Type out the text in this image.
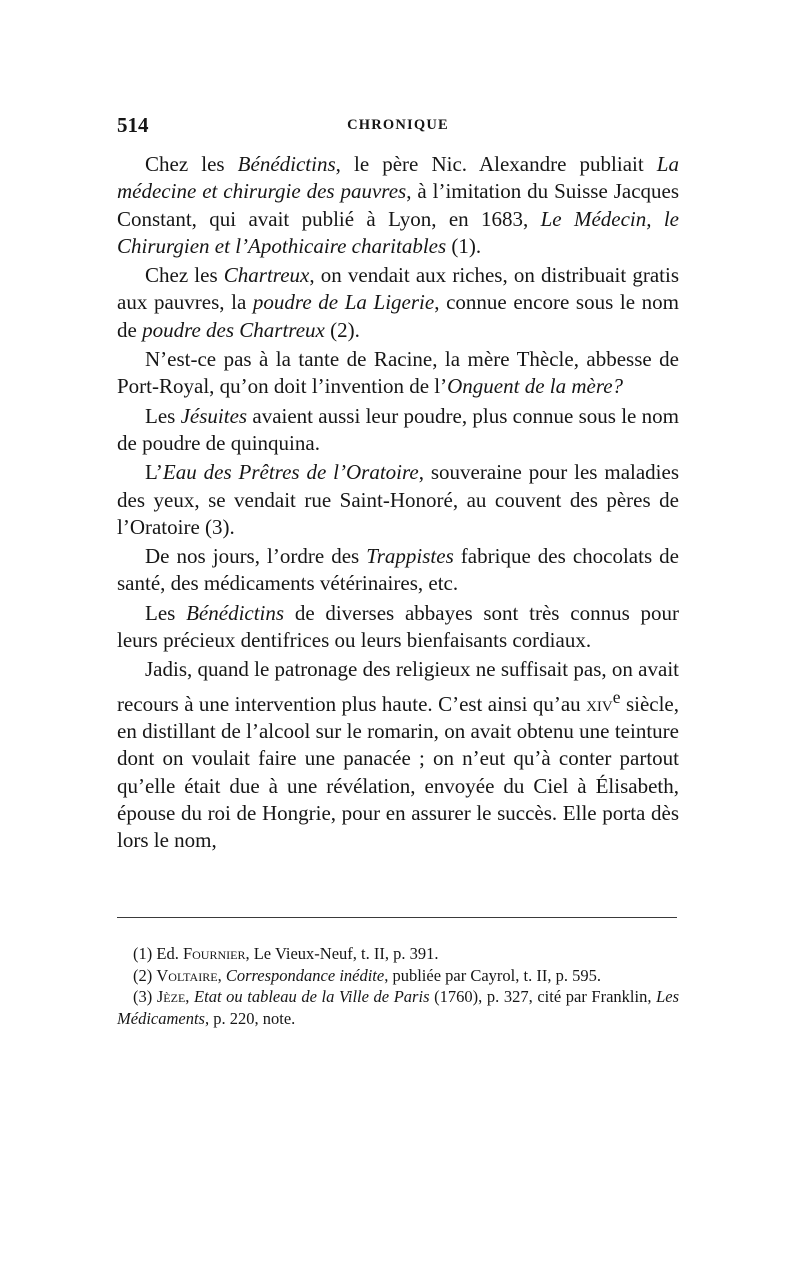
514	CHRONIQUE

Chez les Bénédictins, le père Nic. Alexandre publiait La médecine et chirurgie des pauvres, à l’imitation du Suisse Jacques Constant, qui avait publié à Lyon, en 1683, Le Médecin, le Chirurgien et l’Apothicaire charitables (1).

Chez les Chartreux, on vendait aux riches, on distribuait gratis aux pauvres, la poudre de La Ligerie, connue encore sous le nom de poudre des Chartreux (2).

N’est-ce pas à la tante de Racine, la mère Thècle, abbesse de Port-Royal, qu’on doit l’invention de l’Onguent de la mère?

Les Jésuites avaient aussi leur poudre, plus connue sous le nom de poudre de quinquina.

L’Eau des Prêtres de l’Oratoire, souveraine pour les maladies des yeux, se vendait rue Saint-Honoré, au couvent des pères de l’Oratoire (3).

De nos jours, l’ordre des Trappistes fabrique des chocolats de santé, des médicaments vétérinaires, etc.

Les Bénédictins de diverses abbayes sont très connus pour leurs précieux dentifrices ou leurs bienfaisants cordiaux.

Jadis, quand le patronage des religieux ne suffisait pas, on avait recours à une intervention plus haute. C’est ainsi qu’au xiv$^e$ siècle, en distillant de l’alcool sur le romarin, on avait obtenu une teinture dont on voulait faire une panacée ; on n’eut qu’à conter partout qu’elle était due à une révélation, envoyée du Ciel à Élisabeth, épouse du roi de Hongrie, pour en assurer le succès. Elle porta dès lors le nom,

(1) Ed. Fournier, Le Vieux-Neuf, t. II, p. 391.

(2) Voltaire, Correspondance inédite, publiée par Cayrol, t. II, p. 595.

(3) Jèze, Etat ou tableau de la Ville de Paris (1760), p. 327, cité par Franklin, Les Médicaments, p. 220, note.
